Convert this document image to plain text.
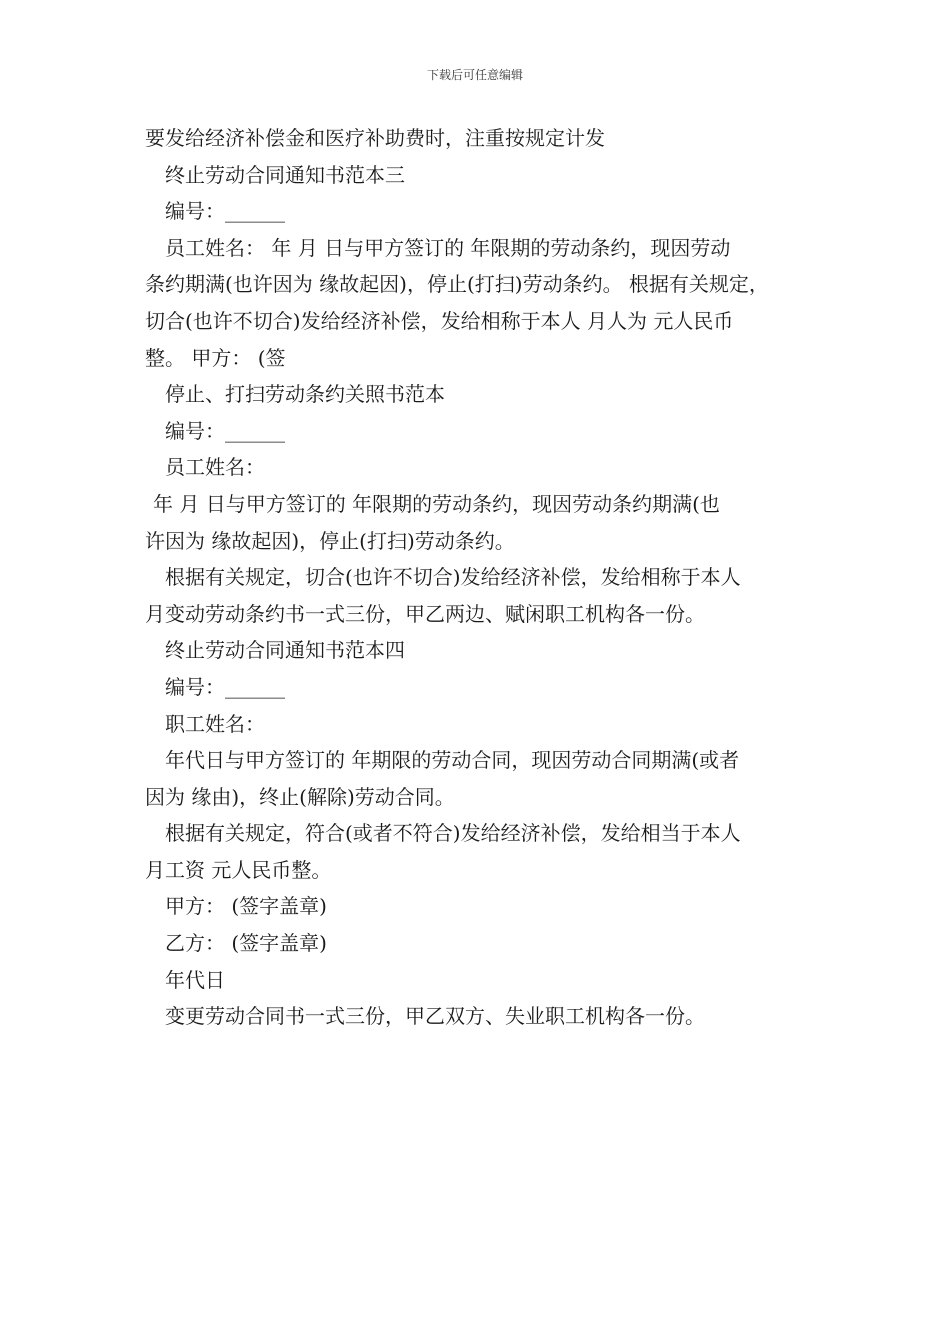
下载后可任意编辑
要发给经济补偿金和医疗补助费时，注重按规定计发
终止劳动合同通知书范本三
编号：______
员工姓名： 年 月 日与甲方签订的 年限期的劳动条约，现因劳动
条约期满(也许因为 缘故起因)，停止(打扫)劳动条约。 根据有关规定，
切合(也许不切合)发给经济补偿，发给相称于本人 月人为 元人民币
整。 甲方： (签
停止、打扫劳动条约关照书范本
编号：______
员工姓名：
年 月 日与甲方签订的 年限期的劳动条约，现因劳动条约期满(也
许因为 缘故起因)，停止(打扫)劳动条约。
根据有关规定，切合(也许不切合)发给经济补偿，发给相称于本人
月变动劳动条约书一式三份，甲乙两边、赋闲职工机构各一份。
终止劳动合同通知书范本四
编号：______
职工姓名：
年代日与甲方签订的 年期限的劳动合同，现因劳动合同期满(或者
因为 缘由)，终止(解除)劳动合同。
根据有关规定，符合(或者不符合)发给经济补偿，发给相当于本人
月工资 元人民币整。
甲方： (签字盖章)
乙方： (签字盖章)
年代日
变更劳动合同书一式三份，甲乙双方、失业职工机构各一份。
